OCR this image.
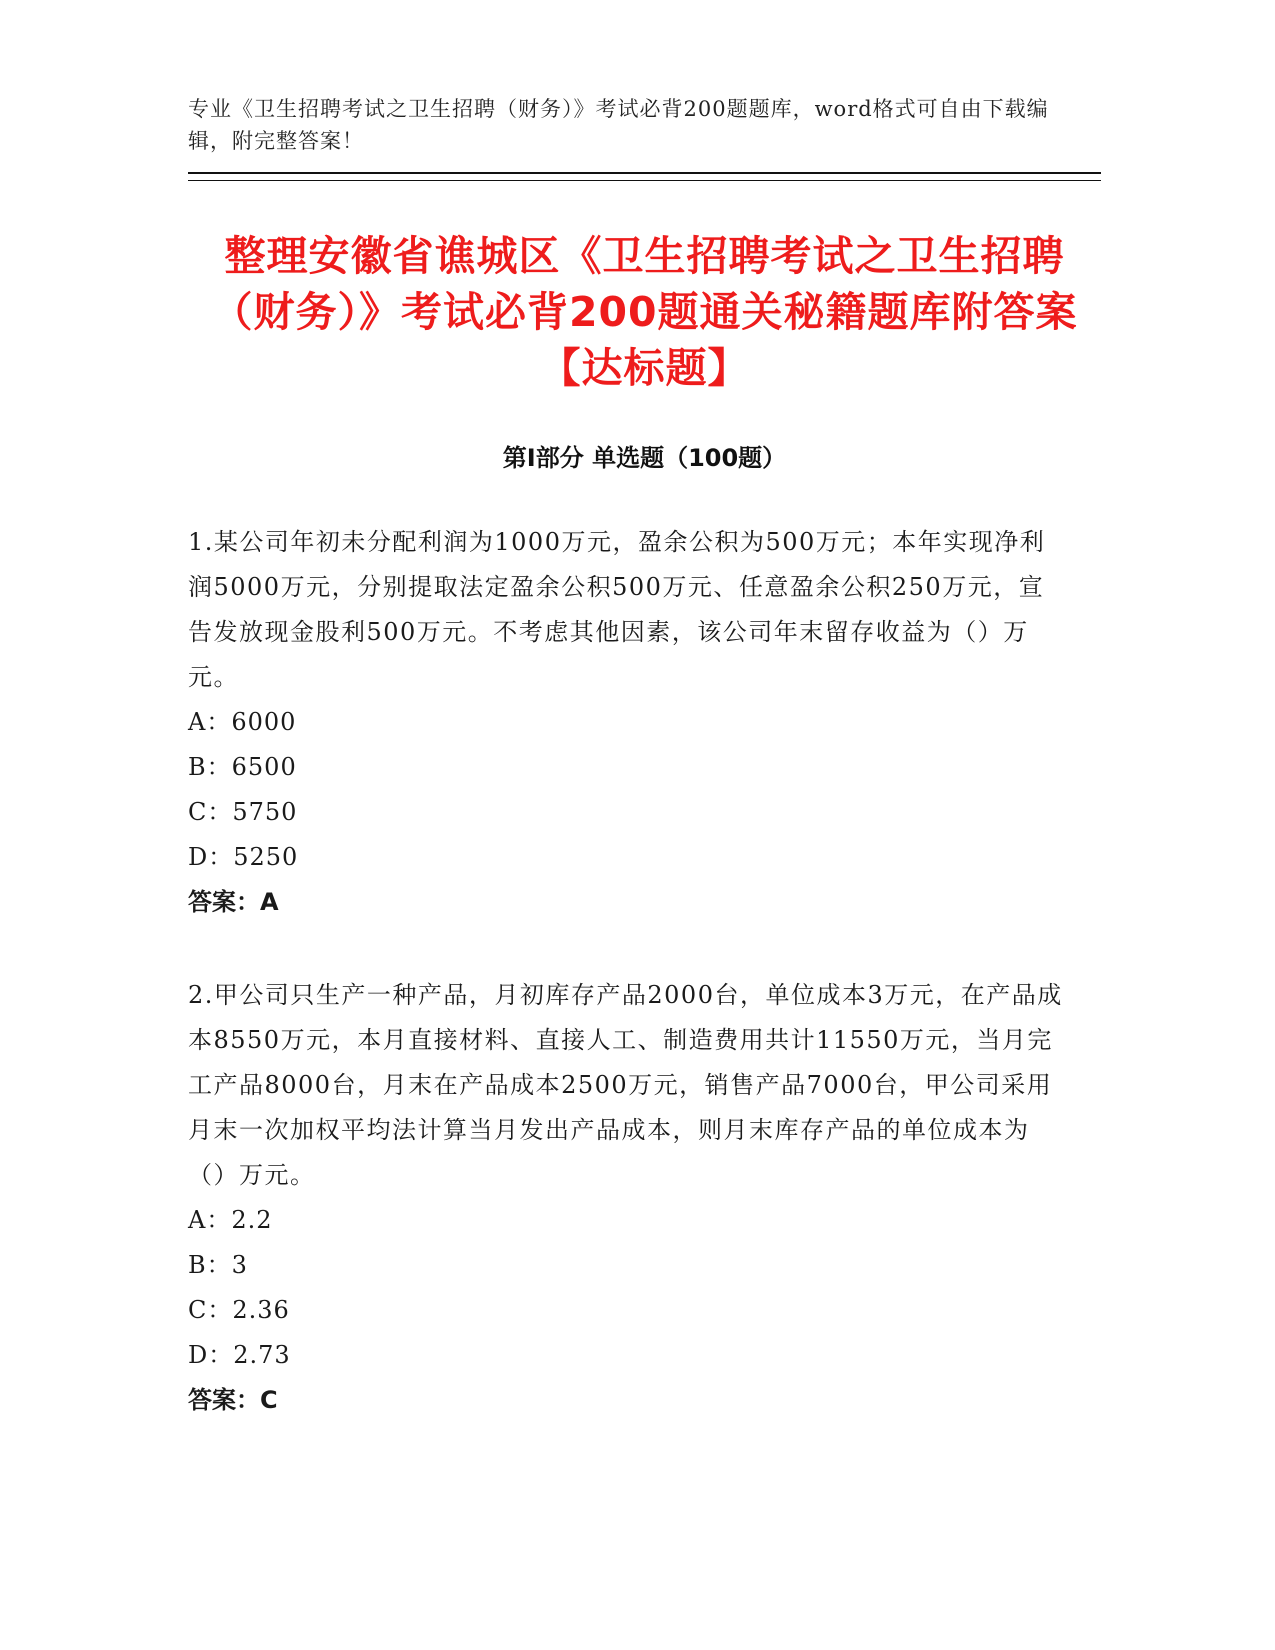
专业《卫生招聘考试之卫生招聘（财务）》考试必背200题题库，word格式可自由下载编辑，附完整答案！

整理安徽省谯城区《卫生招聘考试之卫生招聘（财务）》考试必背200题通关秘籍题库附答案【达标题】
第Ⅰ部分 单选题（100题）

1.某公司年初未分配利润为1000万元，盈余公积为500万元；本年实现净利润5000万元，分别提取法定盈余公积500万元、任意盈余公积250万元，宣告发放现金股利500万元。不考虑其他因素，该公司年末留存收益为（）万元。

A：6000

B：6500

C：5750

D：5250

答案：A

2.甲公司只生产一种产品，月初库存产品2000台，单位成本3万元，在产品成本8550万元，本月直接材料、直接人工、制造费用共计11550万元，当月完工产品8000台，月末在产品成本2500万元，销售产品7000台，甲公司采用月末一次加权平均法计算当月发出产品成本，则月末库存产品的单位成本为（）万元。

A：2.2

B：3

C：2.36

D：2.73

答案：C
